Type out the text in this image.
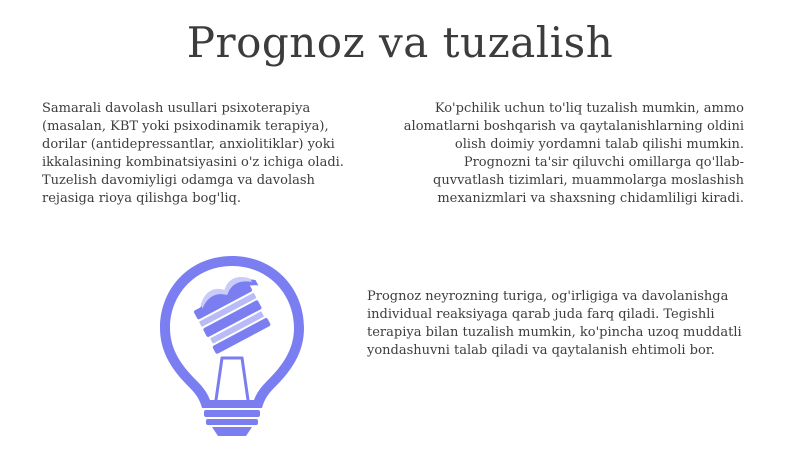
Prognoz va tuzalish

Samarali davolash usullari psixoterapiya (masalan, KBT yoki psixodinamik terapiya), dorilar (antidepressantlar, anxiolitiklar) yoki ikkalasining kombinatsiyasini o'z ichiga oladi. Tuzelish davomiyligi odamga va davolash rejasiga rioya qilishga bog'liq.

Ko'pchilik uchun to'liq tuzalish mumkin, ammo alomatlarni boshqarish va qaytalanishlarning oldini olish doimiy yordamni talab qilishi mumkin. Prognozni ta'sir qiluvchi omillarga qo'llab-quvvatlash tizimlari, muammolarga moslashish mexanizmlari va shaxsning chidamliligi kiradi.

Prognoz neyrozning turiga, og'irligiga va davolanishga individual reaksiyaga qarab juda farq qiladi. Tegishli terapiya bilan tuzalish mumkin, ko'pincha uzoq muddatli yondashuvni talab qiladi va qaytalanish ehtimoli bor.
